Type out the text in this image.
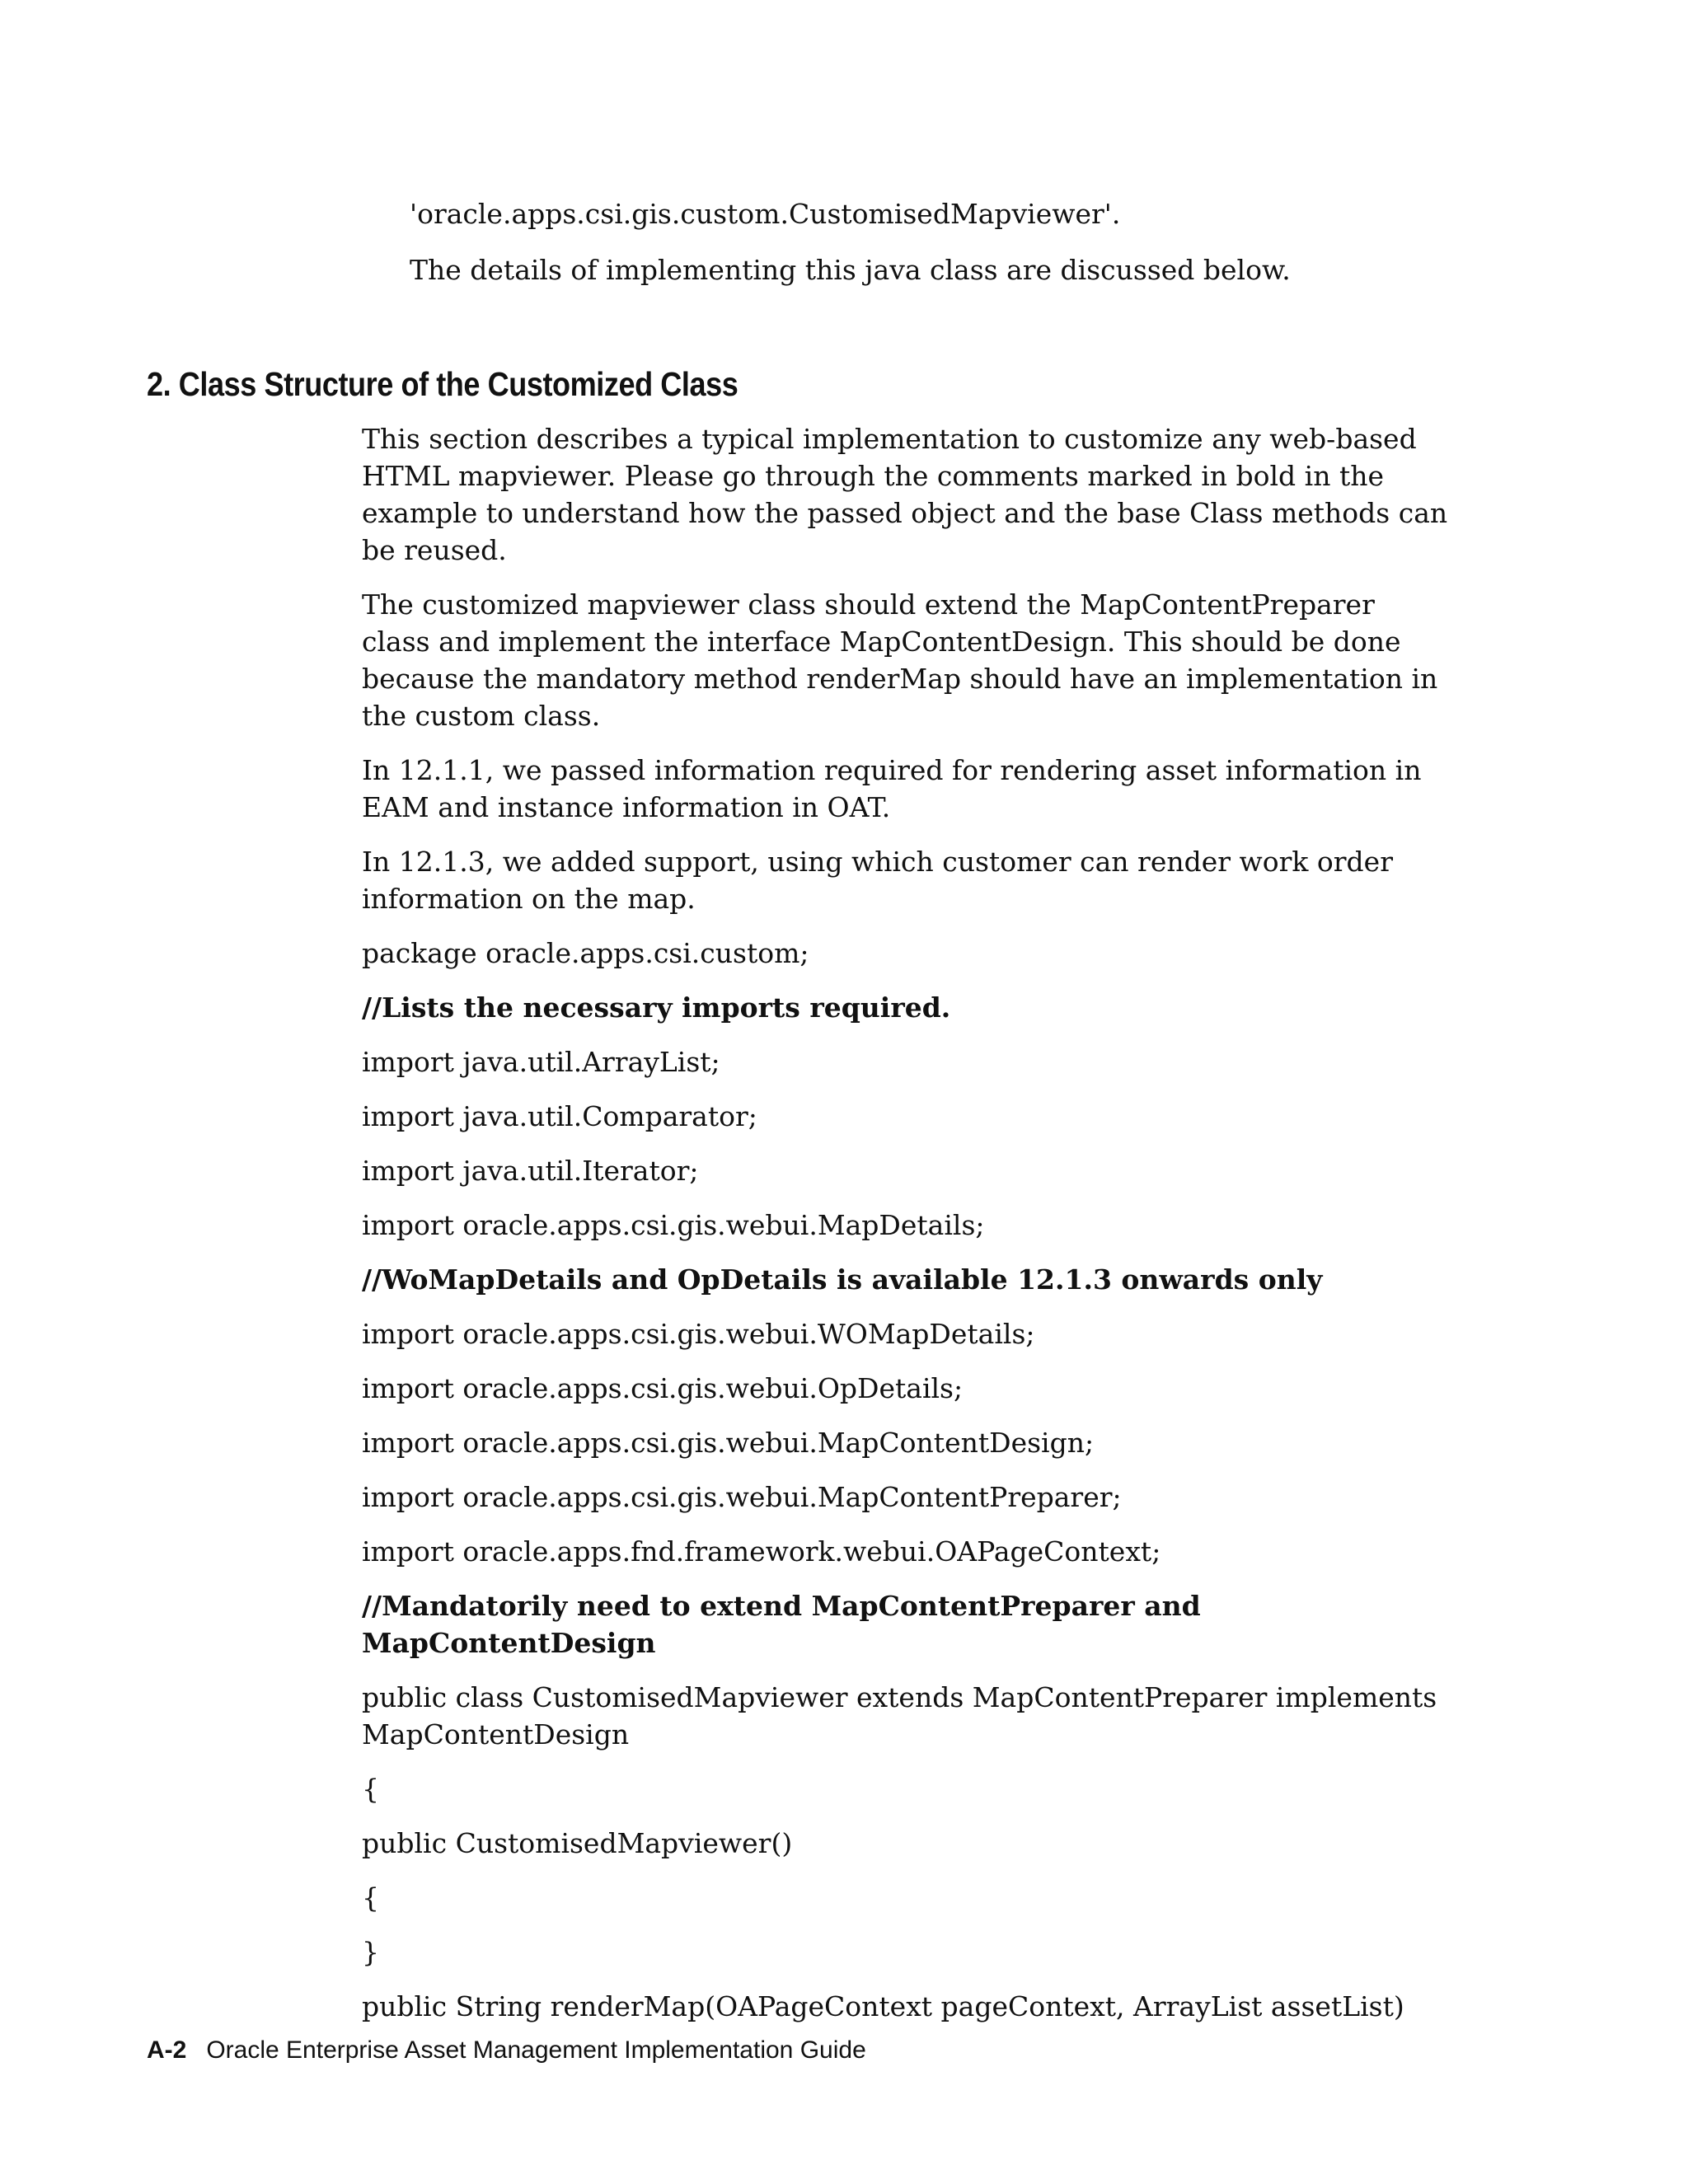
'oracle.apps.csi.gis.custom.CustomisedMapviewer'.

The details of implementing this java class are discussed below.

2. Class Structure of the Customized Class

This section describes a typical implementation to customize any web-based HTML mapviewer. Please go through the comments marked in bold in the example to understand how the passed object and the base Class methods can be reused.

The customized mapviewer class should extend the MapContentPreparer class and implement the interface MapContentDesign. This should be done because the mandatory method renderMap should have an implementation in the custom class.

In 12.1.1, we passed information required for rendering asset information in EAM and instance information in OAT.

In 12.1.3, we added support, using which customer can render work order information on the map.

package oracle.apps.csi.custom;

//Lists the necessary imports required.

import java.util.ArrayList;

import java.util.Comparator;

import java.util.Iterator;

import oracle.apps.csi.gis.webui.MapDetails;

//WoMapDetails and OpDetails is available 12.1.3 onwards only

import oracle.apps.csi.gis.webui.WOMapDetails;

import oracle.apps.csi.gis.webui.OpDetails;

import oracle.apps.csi.gis.webui.MapContentDesign;

import oracle.apps.csi.gis.webui.MapContentPreparer;

import oracle.apps.fnd.framework.webui.OAPageContext;

//Mandatorily need to extend MapContentPreparer and MapContentDesign

public class CustomisedMapviewer extends MapContentPreparer implements MapContentDesign

{

public CustomisedMapviewer()

{

}

public String renderMap(OAPageContext pageContext, ArrayList assetList)

A-2 Oracle Enterprise Asset Management Implementation Guide
